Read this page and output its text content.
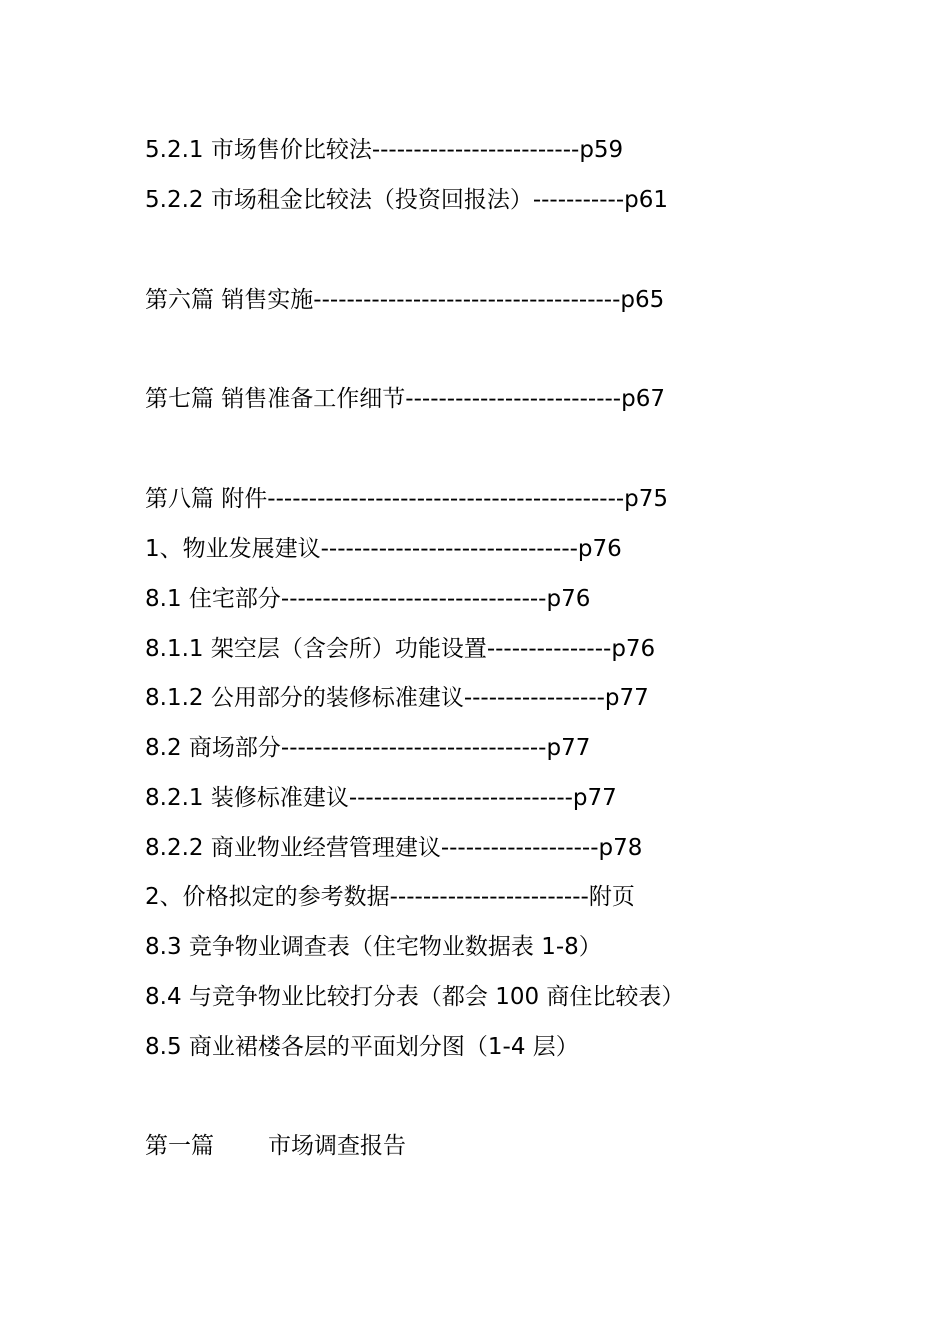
5.2.1 市场售价比较法-------------------------p59
5.2.2 市场租金比较法（投资回报法）-----------p61
第六篇 销售实施-------------------------------------p65
第七篇 销售准备工作细节--------------------------p67
第八篇 附件-------------------------------------------p75
1、物业发展建议-------------------------------p76
8.1 住宅部分--------------------------------p76
8.1.1 架空层（含会所）功能设置---------------p76
8.1.2 公用部分的装修标准建议-----------------p77
8.2 商场部分--------------------------------p77
8.2.1 装修标准建议---------------------------p77
8.2.2 商业物业经营管理建议-------------------p78
2、价格拟定的参考数据------------------------附页
8.3 竞争物业调查表（住宅物业数据表 1-8）
8.4 与竞争物业比较打分表（都会 100 商住比较表）
8.5 商业裙楼各层的平面划分图（1-4 层）
第一篇 市场调查报告
